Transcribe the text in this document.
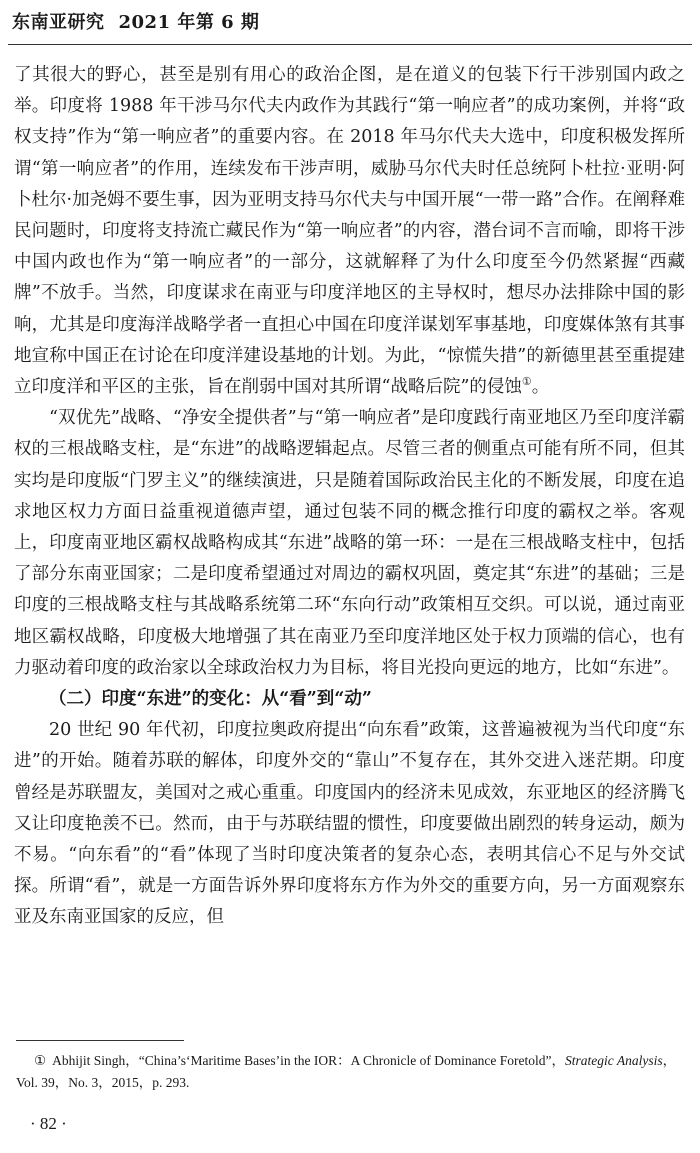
东南亚研究 2021 年第 6 期

了其很大的野心，甚至是别有用心的政治企图，是在道义的包装下行干涉别国内政之举。印度将 1988 年干涉马尔代夫内政作为其践行“第一响应者”的成功案例，并将“政权支持”作为“第一响应者”的重要内容。在 2018 年马尔代夫大选中，印度积极发挥所谓“第一响应者”的作用，连续发布干涉声明，威胁马尔代夫时任总统阿卜杜拉·亚明·阿卜杜尔·加尧姆不要生事，因为亚明支持马尔代夫与中国开展“一带一路”合作。在阐释难民问题时，印度将支持流亡藏民作为“第一响应者”的内容，潜台词不言而喻，即将干涉中国内政也作为“第一响应者”的一部分，这就解释了为什么印度至今仍然紧握“西藏牌”不放手。当然，印度谋求在南亚与印度洋地区的主导权时，想尽办法排除中国的影响，尤其是印度海洋战略学者一直担心中国在印度洋谋划军事基地，印度媒体煞有其事地宣称中国正在讨论在印度洋建设基地的计划。为此，“惊慌失措”的新德里甚至重提建立印度洋和平区的主张，旨在削弱中国对其所谓“战略后院”的侵蚀①。

“双优先”战略、“净安全提供者”与“第一响应者”是印度践行南亚地区乃至印度洋霸权的三根战略支柱，是“东进”的战略逻辑起点。尽管三者的侧重点可能有所不同，但其实均是印度版“门罗主义”的继续演进，只是随着国际政治民主化的不断发展，印度在追求地区权力方面日益重视道德声望，通过包装不同的概念推行印度的霸权之举。客观上，印度南亚地区霸权战略构成其“东进”战略的第一环：一是在三根战略支柱中，包括了部分东南亚国家；二是印度希望通过对周边的霸权巩固，奠定其“东进”的基础；三是印度的三根战略支柱与其战略系统第二环“东向行动”政策相互交织。可以说，通过南亚地区霸权战略，印度极大地增强了其在南亚乃至印度洋地区处于权力顶端的信心，也有力驱动着印度的政治家以全球政治权力为目标，将目光投向更远的地方，比如“东进”。

（二）印度“东进”的变化：从“看”到“动”

20 世纪 90 年代初，印度拉奥政府提出“向东看”政策，这普遍被视为当代印度“东进”的开始。随着苏联的解体，印度外交的“靠山”不复存在，其外交进入迷茫期。印度曾经是苏联盟友，美国对之戒心重重。印度国内的经济未见成效，东亚地区的经济腾飞又让印度艳羡不已。然而，由于与苏联结盟的惯性，印度要做出剧烈的转身运动，颇为不易。“向东看”的“看”体现了当时印度决策者的复杂心态，表明其信心不足与外交试探。所谓“看”，就是一方面告诉外界印度将东方作为外交的重要方向，另一方面观察东亚及东南亚国家的反应，但

① Abhijit Singh，“China’s‘Maritime Bases’in the IOR：A Chronicle of Dominance Foretold”，Strategic Analysis，Vol. 39，No. 3，2015，p. 293.
· 82 ·
